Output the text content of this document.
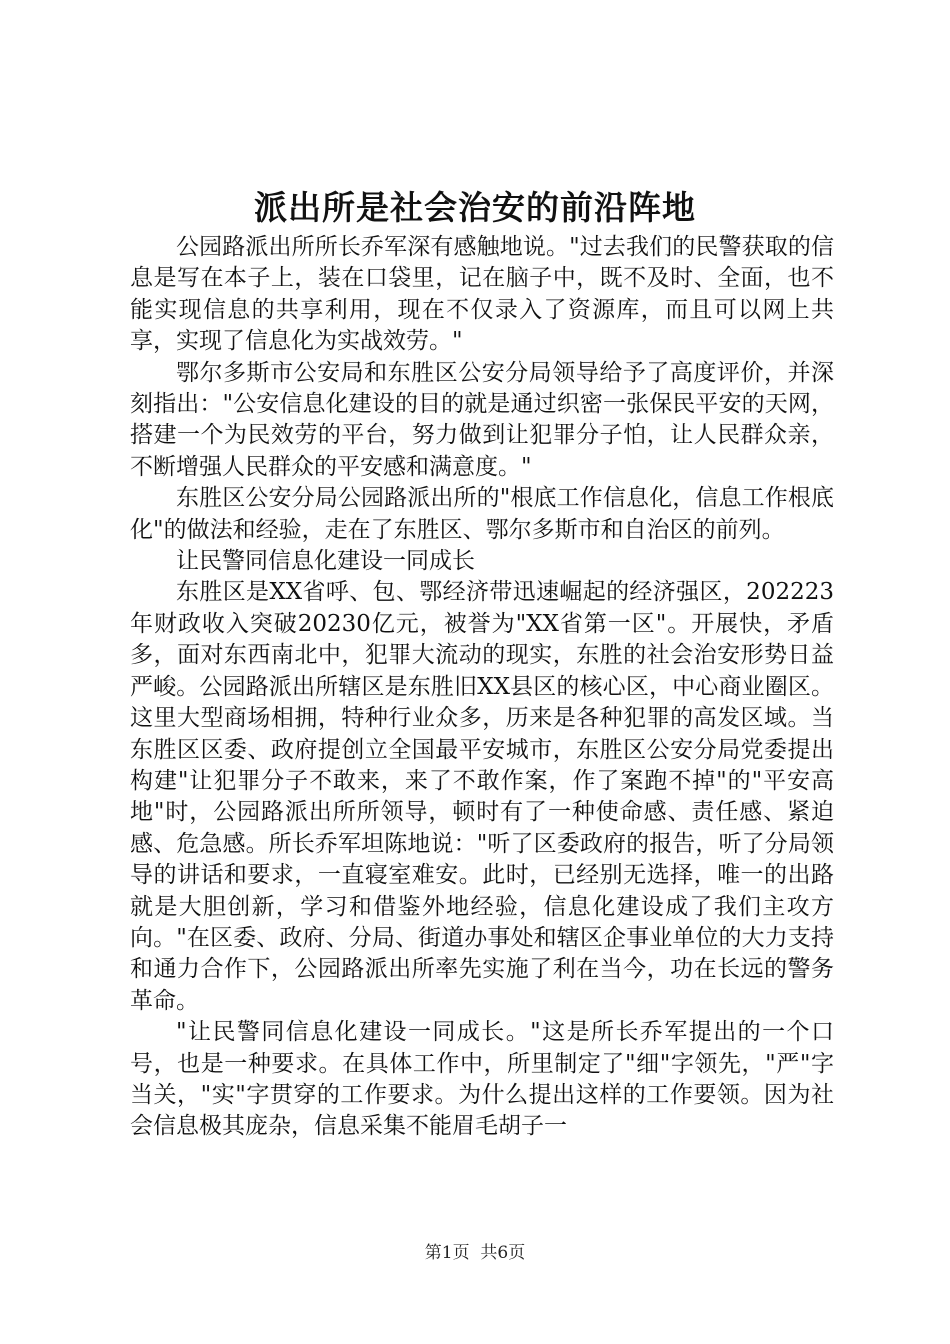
派出所是社会治安的前沿阵地

公园路派出所所长乔军深有感触地说。"过去我们的民警获取的信息是写在本子上，装在口袋里，记在脑子中，既不及时、全面，也不能实现信息的共享利用，现在不仅录入了资源库，而且可以网上共享，实现了信息化为实战效劳。"

鄂尔多斯市公安局和东胜区公安分局领导给予了高度评价，并深刻指出："公安信息化建设的目的就是通过织密一张保民平安的天网，搭建一个为民效劳的平台，努力做到让犯罪分子怕，让人民群众亲，不断增强人民群众的平安感和满意度。"

东胜区公安分局公园路派出所的"根底工作信息化，信息工作根底化"的做法和经验，走在了东胜区、鄂尔多斯市和自治区的前列。

让民警同信息化建设一同成长

东胜区是XX省呼、包、鄂经济带迅速崛起的经济强区，202223年财政收入突破20230亿元，被誉为"XX省第一区"。开展快，矛盾多，面对东西南北中，犯罪大流动的现实，东胜的社会治安形势日益严峻。公园路派出所辖区是东胜旧XX县区的核心区，中心商业圈区。这里大型商场相拥，特种行业众多，历来是各种犯罪的高发区域。当东胜区区委、政府提创立全国最平安城市，东胜区公安分局党委提出构建"让犯罪分子不敢来，来了不敢作案，作了案跑不掉"的"平安高地"时，公园路派出所所领导，顿时有了一种使命感、责任感、紧迫感、危急感。所长乔军坦陈地说："听了区委政府的报告，听了分局领导的讲话和要求，一直寝室难安。此时，已经别无选择，唯一的出路就是大胆创新，学习和借鉴外地经验，信息化建设成了我们主攻方向。"在区委、政府、分局、街道办事处和辖区企事业单位的大力支持和通力合作下，公园路派出所率先实施了利在当今，功在长远的警务革命。

"让民警同信息化建设一同成长。"这是所长乔军提出的一个口号，也是一种要求。在具体工作中，所里制定了"细"字领先，"严"字当关，"实"字贯穿的工作要求。为什么提出这样的工作要领。因为社会信息极其庞杂，信息采集不能眉毛胡子一

第1页 共6页
